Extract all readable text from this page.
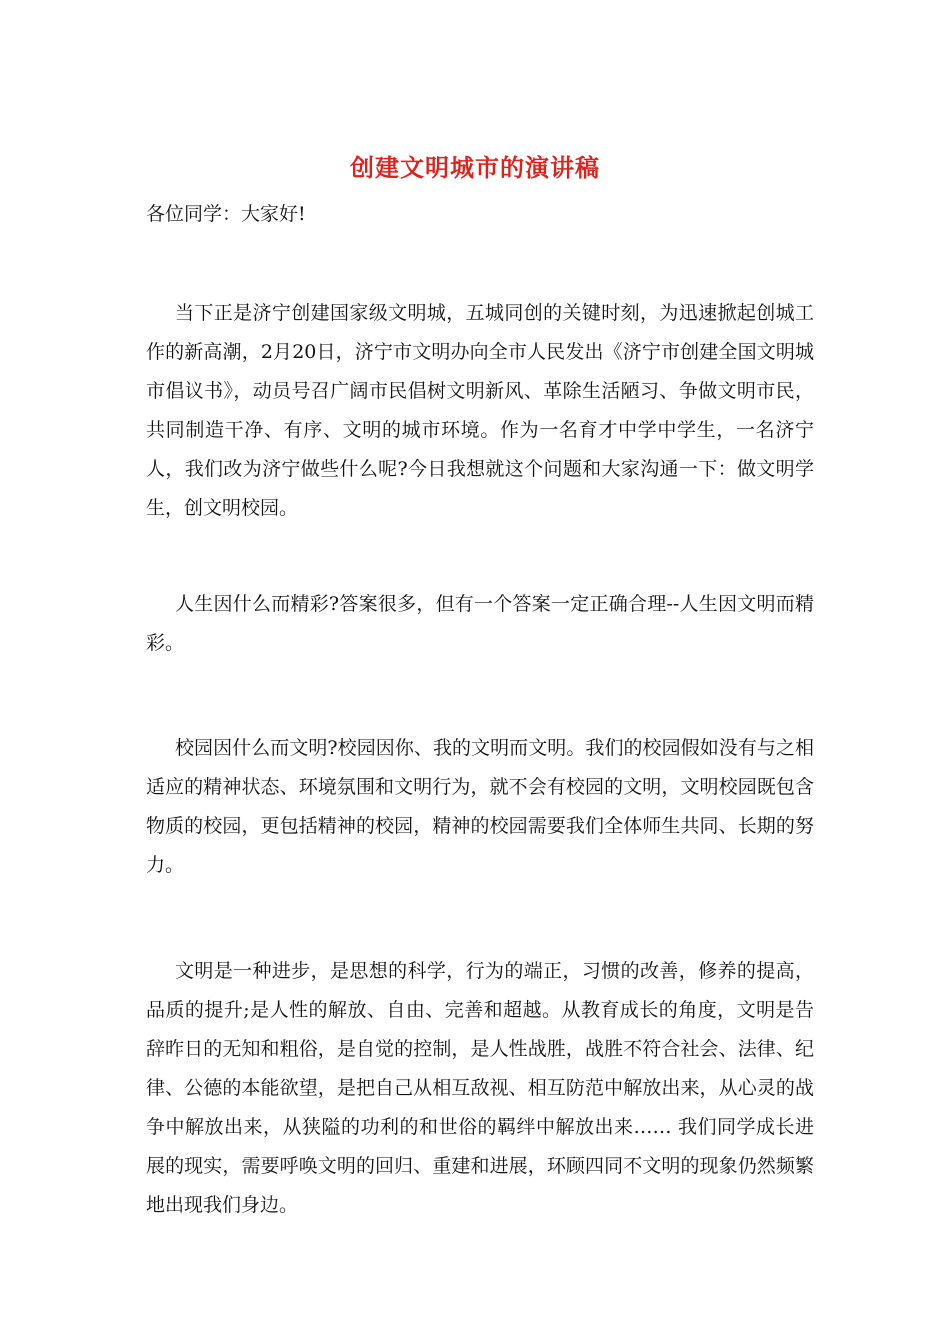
创建文明城市的演讲稿

各位同学：大家好!

当下正是济宁创建国家级文明城，五城同创的关键时刻，为迅速掀起创城工作的新高潮，2月20日，济宁市文明办向全市人民发出《济宁市创建全国文明城市倡议书》，动员号召广阔市民倡树文明新风、革除生活陋习、争做文明市民，共同制造干净、有序、文明的城市环境。作为一名育才中学中学生，一名济宁人，我们改为济宁做些什么呢?今日我想就这个问题和大家沟通一下：做文明学生，创文明校园。

人生因什么而精彩?答案很多，但有一个答案一定正确合理--人生因文明而精彩。

校园因什么而文明?校园因你、我的文明而文明。我们的校园假如没有与之相适应的精神状态、环境氛围和文明行为，就不会有校园的文明，文明校园既包含物质的校园，更包括精神的校园，精神的校园需要我们全体师生共同、长期的努力。

文明是一种进步，是思想的科学，行为的端正，习惯的改善，修养的提高，品质的提升;是人性的解放、自由、完善和超越。从教育成长的角度，文明是告辞昨日的无知和粗俗，是自觉的控制，是人性战胜，战胜不符合社会、法律、纪律、公德的本能欲望，是把自己从相互敌视、相互防范中解放出来，从心灵的战争中解放出来，从狭隘的功利的和世俗的羁绊中解放出来…… 我们同学成长进展的现实，需要呼唤文明的回归、重建和进展，环顾四同不文明的现象仍然频繁地出现我们身边。
